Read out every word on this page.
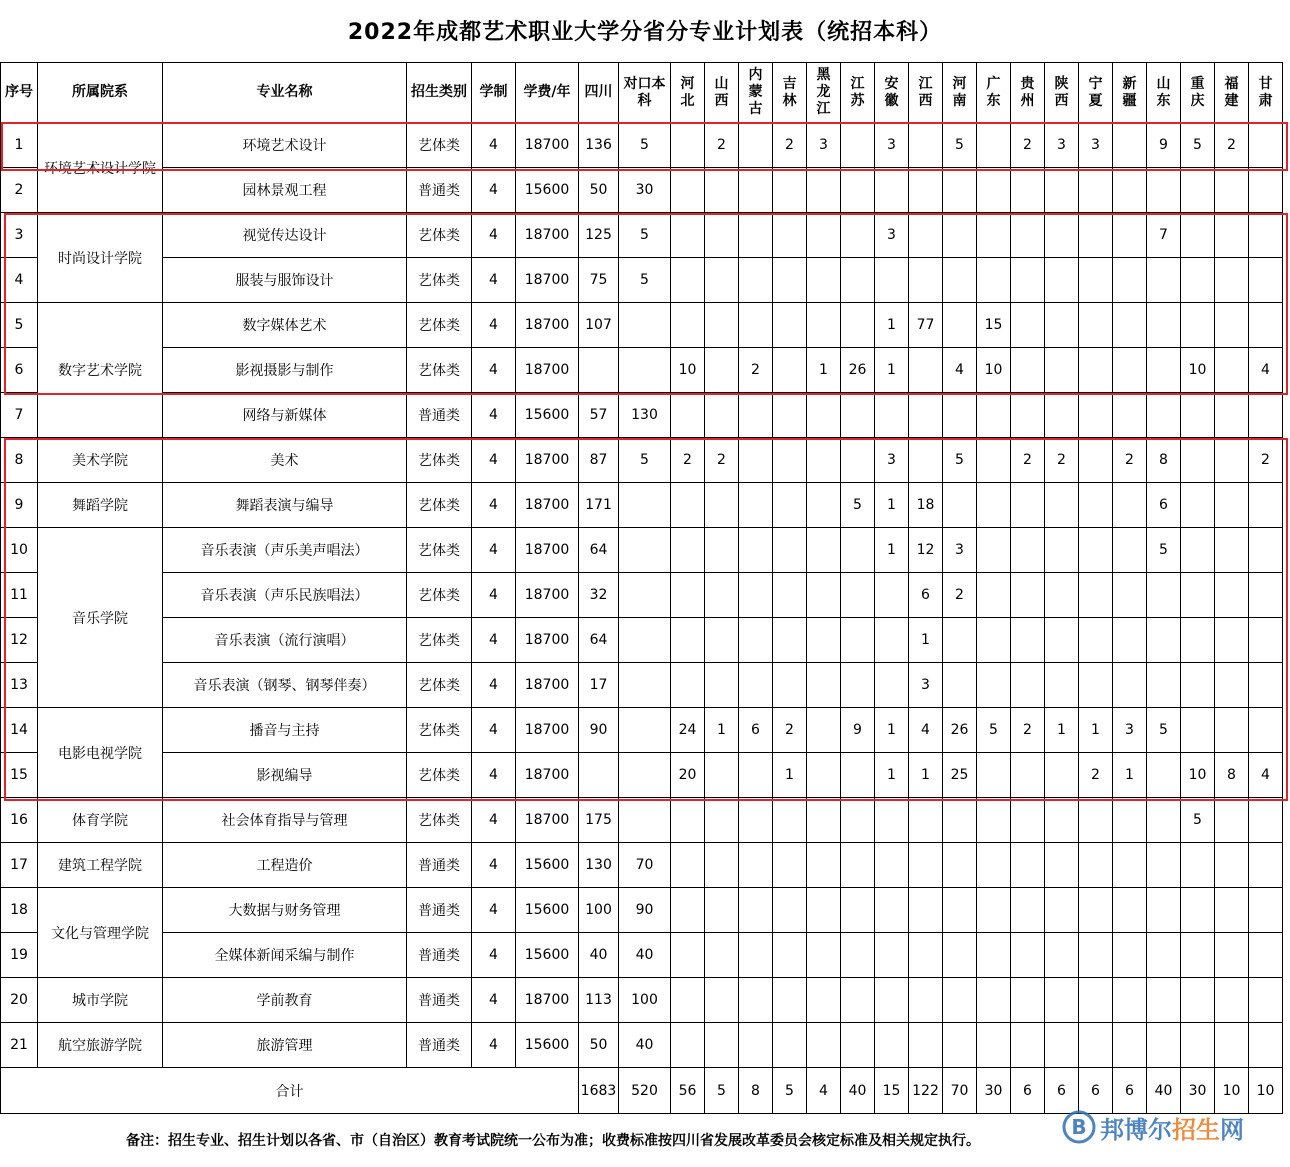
2022年成都艺术职业大学分省分专业计划表（统招本科）
序号	所属院系	专业名称	招生类别	学制	学费/年	四川	对口本科	河北	山西	内蒙古	吉林	黑龙江	江苏	安徽	江西	河南	广东	贵州	陕西	宁夏	新疆	山东	重庆	福建	甘肃
1	环境艺术设计学院	环境艺术设计	艺体类	4	18700	136	5		2		2	3		3		5		2	3	3		9	5	2	
2		园林景观工程	普通类	4	15600	50	30																		
3	时尚设计学院	视觉传达设计	艺体类	4	18700	125	5							3								7			
4		服装与服饰设计	艺体类	4	18700	75	5																		
5	数字艺术学院	数字媒体艺术	艺体类	4	18700	107								1	77		15								
6		影视摄影与制作	艺体类	4	18700			10		2		1	26	1		4	10						10		4
7		网络与新媒体	普通类	4	15600	57	130																		
8	美术学院	美术	艺体类	4	18700	87	5	2	2					3		5		2	2		2	8			2
9	舞蹈学院	舞蹈表演与编导	艺体类	4	18700	171							5	1	18							6			
10	音乐学院	音乐表演（声乐美声唱法）	艺体类	4	18700	64								1	12	3						5			
11		音乐表演（声乐民族唱法）	艺体类	4	18700	32									6	2									
12		音乐表演（流行演唱）	艺体类	4	18700	64									1										
13		音乐表演（钢琴、钢琴伴奏）	艺体类	4	18700	17									3										
14	电影电视学院	播音与主持	艺体类	4	18700	90		24	1	6	2		9	1	4	26	5	2	1	1	3	5			
15		影视编导	艺体类	4	18700			20			1			1	1	25				2	1		10	8	4
16	体育学院	社会体育指导与管理	艺体类	4	18700	175																	5		
17	建筑工程学院	工程造价	普通类	4	15600	130	70																		
18	文化与管理学院	大数据与财务管理	普通类	4	15600	100	90																		
19		全媒体新闻采编与制作	普通类	4	15600	40	40																		
20	城市学院	学前教育	普通类	4	18700	113	100																		
21	航空旅游学院	旅游管理	普通类	4	15600	50	40																		
合计						1683	520	56	5	8	5	4	40	15	122	70	30	6	6	6	6	40	30	10	10
备注：招生专业、招生计划以各省、市（自治区）教育考试院统一公布为准；收费标准按四川省发展改革委员会核定标准及相关规定执行。
B 邦博尔招生网
